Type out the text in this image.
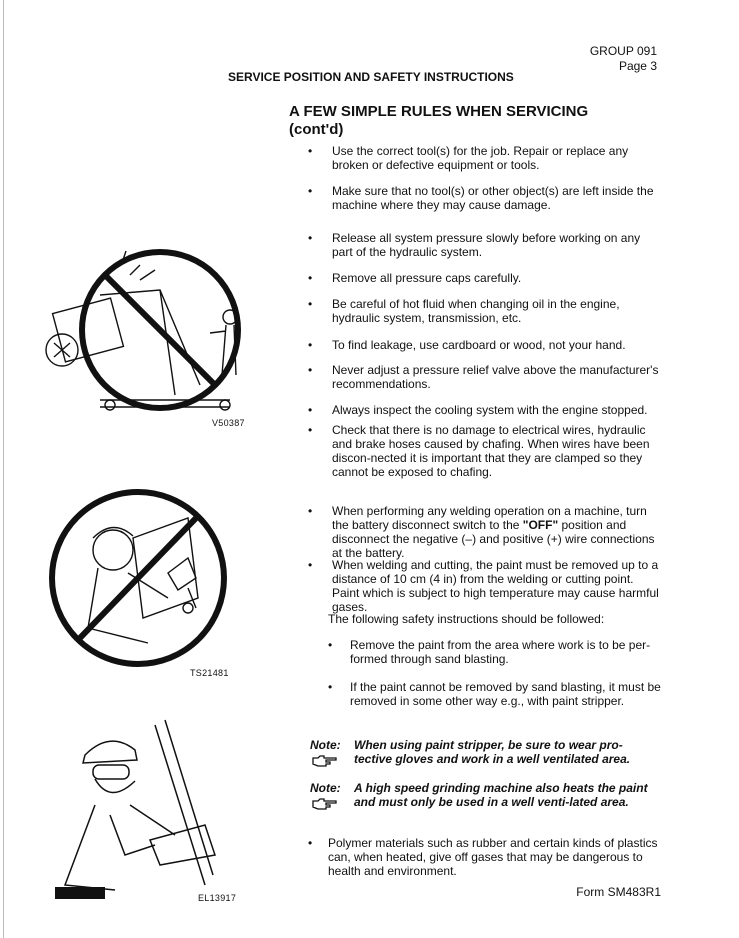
GROUP 091
Page 3
SERVICE POSITION AND SAFETY INSTRUCTIONS
A FEW SIMPLE RULES WHEN SERVICING
(cont'd)
• Use the correct tool(s) for the job. Repair or replace any broken or defective equipment or tools.
• Make sure that no tool(s) or other object(s) are left inside the machine where they may cause damage.
• Release all system pressure slowly before working on any part of the hydraulic system.
• Remove all pressure caps carefully.
• Be careful of hot fluid when changing oil in the engine, hydraulic system, transmission, etc.
• To find leakage, use cardboard or wood, not your hand.
• Never adjust a pressure relief valve above the manufacturer's recommendations.
• Always inspect the cooling system with the engine stopped.
• Check that there is no damage to electrical wires, hydraulic and brake hoses caused by chafing. When wires have been discon-nected it is important that they are clamped so they cannot be exposed to chafing.
• When performing any welding operation on a machine, turn the battery disconnect switch to the "OFF" position and disconnect the negative (–) and positive (+) wire connections at the battery.
• When welding and cutting, the paint must be removed up to a distance of 10 cm (4 in) from the welding or cutting point. Paint which is subject to high temperature may cause harmful gases.
The following safety instructions should be followed:
• Remove the paint from the area where work is to be per-formed through sand blasting.
• If the paint cannot be removed by sand blasting, it must be removed in some other way e.g., with paint stripper.
Note: When using paint stripper, be sure to wear pro-tective gloves and work in a well ventilated area.
Note: A high speed grinding machine also heats the paint and must only be used in a well venti-lated area.
• Polymer materials such as rubber and certain kinds of plastics can, when heated, give off gases that may be dangerous to health and environment.
V50387
TS21481
EL13917	Form SM483R1
